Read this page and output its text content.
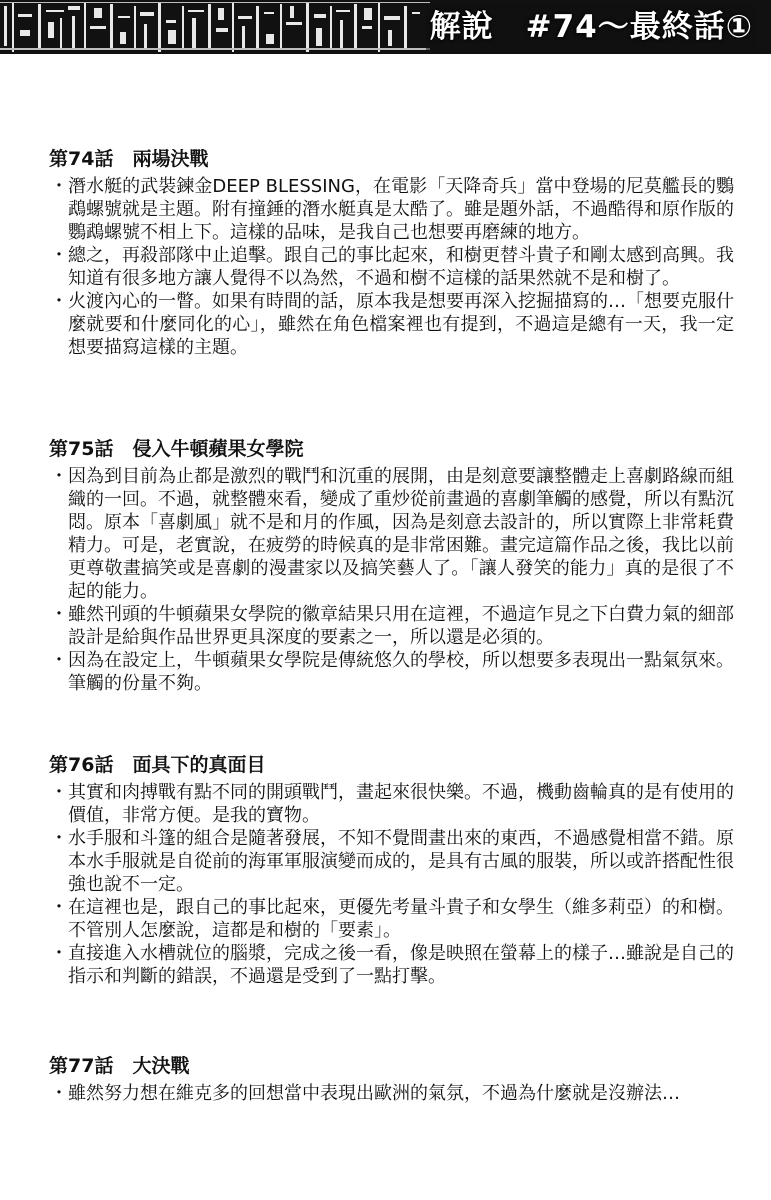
解說　#74～最終話①
第74話　兩場決戰
・ 潛水艇的武裝鍊金DEEP BLESSING，在電影「天降奇兵」當中登場的尼莫艦長的鸚鵡螺號就是主題。附有撞錘的潛水艇真是太酷了。雖是題外話，不過酷得和原作版的鸚鵡螺號不相上下。這樣的品味，是我自己也想要再磨練的地方。
・ 總之，再殺部隊中止追擊。跟自己的事比起來，和樹更替斗貴子和剛太感到高興。我知道有很多地方讓人覺得不以為然，不過和樹不這樣的話果然就不是和樹了。
・ 火渡內心的一瞥。如果有時間的話，原本我是想要再深入挖掘描寫的…「想要克服什麼就要和什麼同化的心」，雖然在角色檔案裡也有提到，不過這是總有一天，我一定想要描寫這樣的主題。
第75話　侵入牛頓蘋果女學院
・ 因為到目前為止都是激烈的戰鬥和沉重的展開，由是刻意要讓整體走上喜劇路線而組織的一回。不過，就整體來看，變成了重炒從前畫過的喜劇筆觸的感覺，所以有點沉悶。原本「喜劇風」就不是和月的作風，因為是刻意去設計的，所以實際上非常耗費精力。可是，老實說，在疲勞的時候真的是非常困難。畫完這篇作品之後，我比以前更尊敬畫搞笑或是喜劇的漫畫家以及搞笑藝人了。「讓人發笑的能力」真的是很了不起的能力。
・ 雖然刊頭的牛頓蘋果女學院的徽章結果只用在這裡，不過這乍見之下白費力氣的細部設計是給與作品世界更具深度的要素之一，所以還是必須的。
・ 因為在設定上，牛頓蘋果女學院是傳統悠久的學校，所以想要多表現出一點氣氛來。筆觸的份量不夠。
第76話　面具下的真面目
・ 其實和肉搏戰有點不同的開頭戰鬥，畫起來很快樂。不過，機動齒輪真的是有使用的價值，非常方便。是我的寶物。
・ 水手服和斗篷的組合是隨著發展，不知不覺間畫出來的東西，不過感覺相當不錯。原本水手服就是自從前的海軍軍服演變而成的，是具有古風的服裝，所以或許搭配性很強也說不一定。
・ 在這裡也是，跟自己的事比起來，更優先考量斗貴子和女學生（維多莉亞）的和樹。不管別人怎麼說，這都是和樹的「要素」。
・ 直接進入水槽就位的腦漿，完成之後一看，像是映照在螢幕上的樣子…雖說是自己的指示和判斷的錯誤，不過還是受到了一點打擊。
第77話　大決戰
・ 雖然努力想在維克多的回想當中表現出歐洲的氣氛，不過為什麼就是沒辦法…
